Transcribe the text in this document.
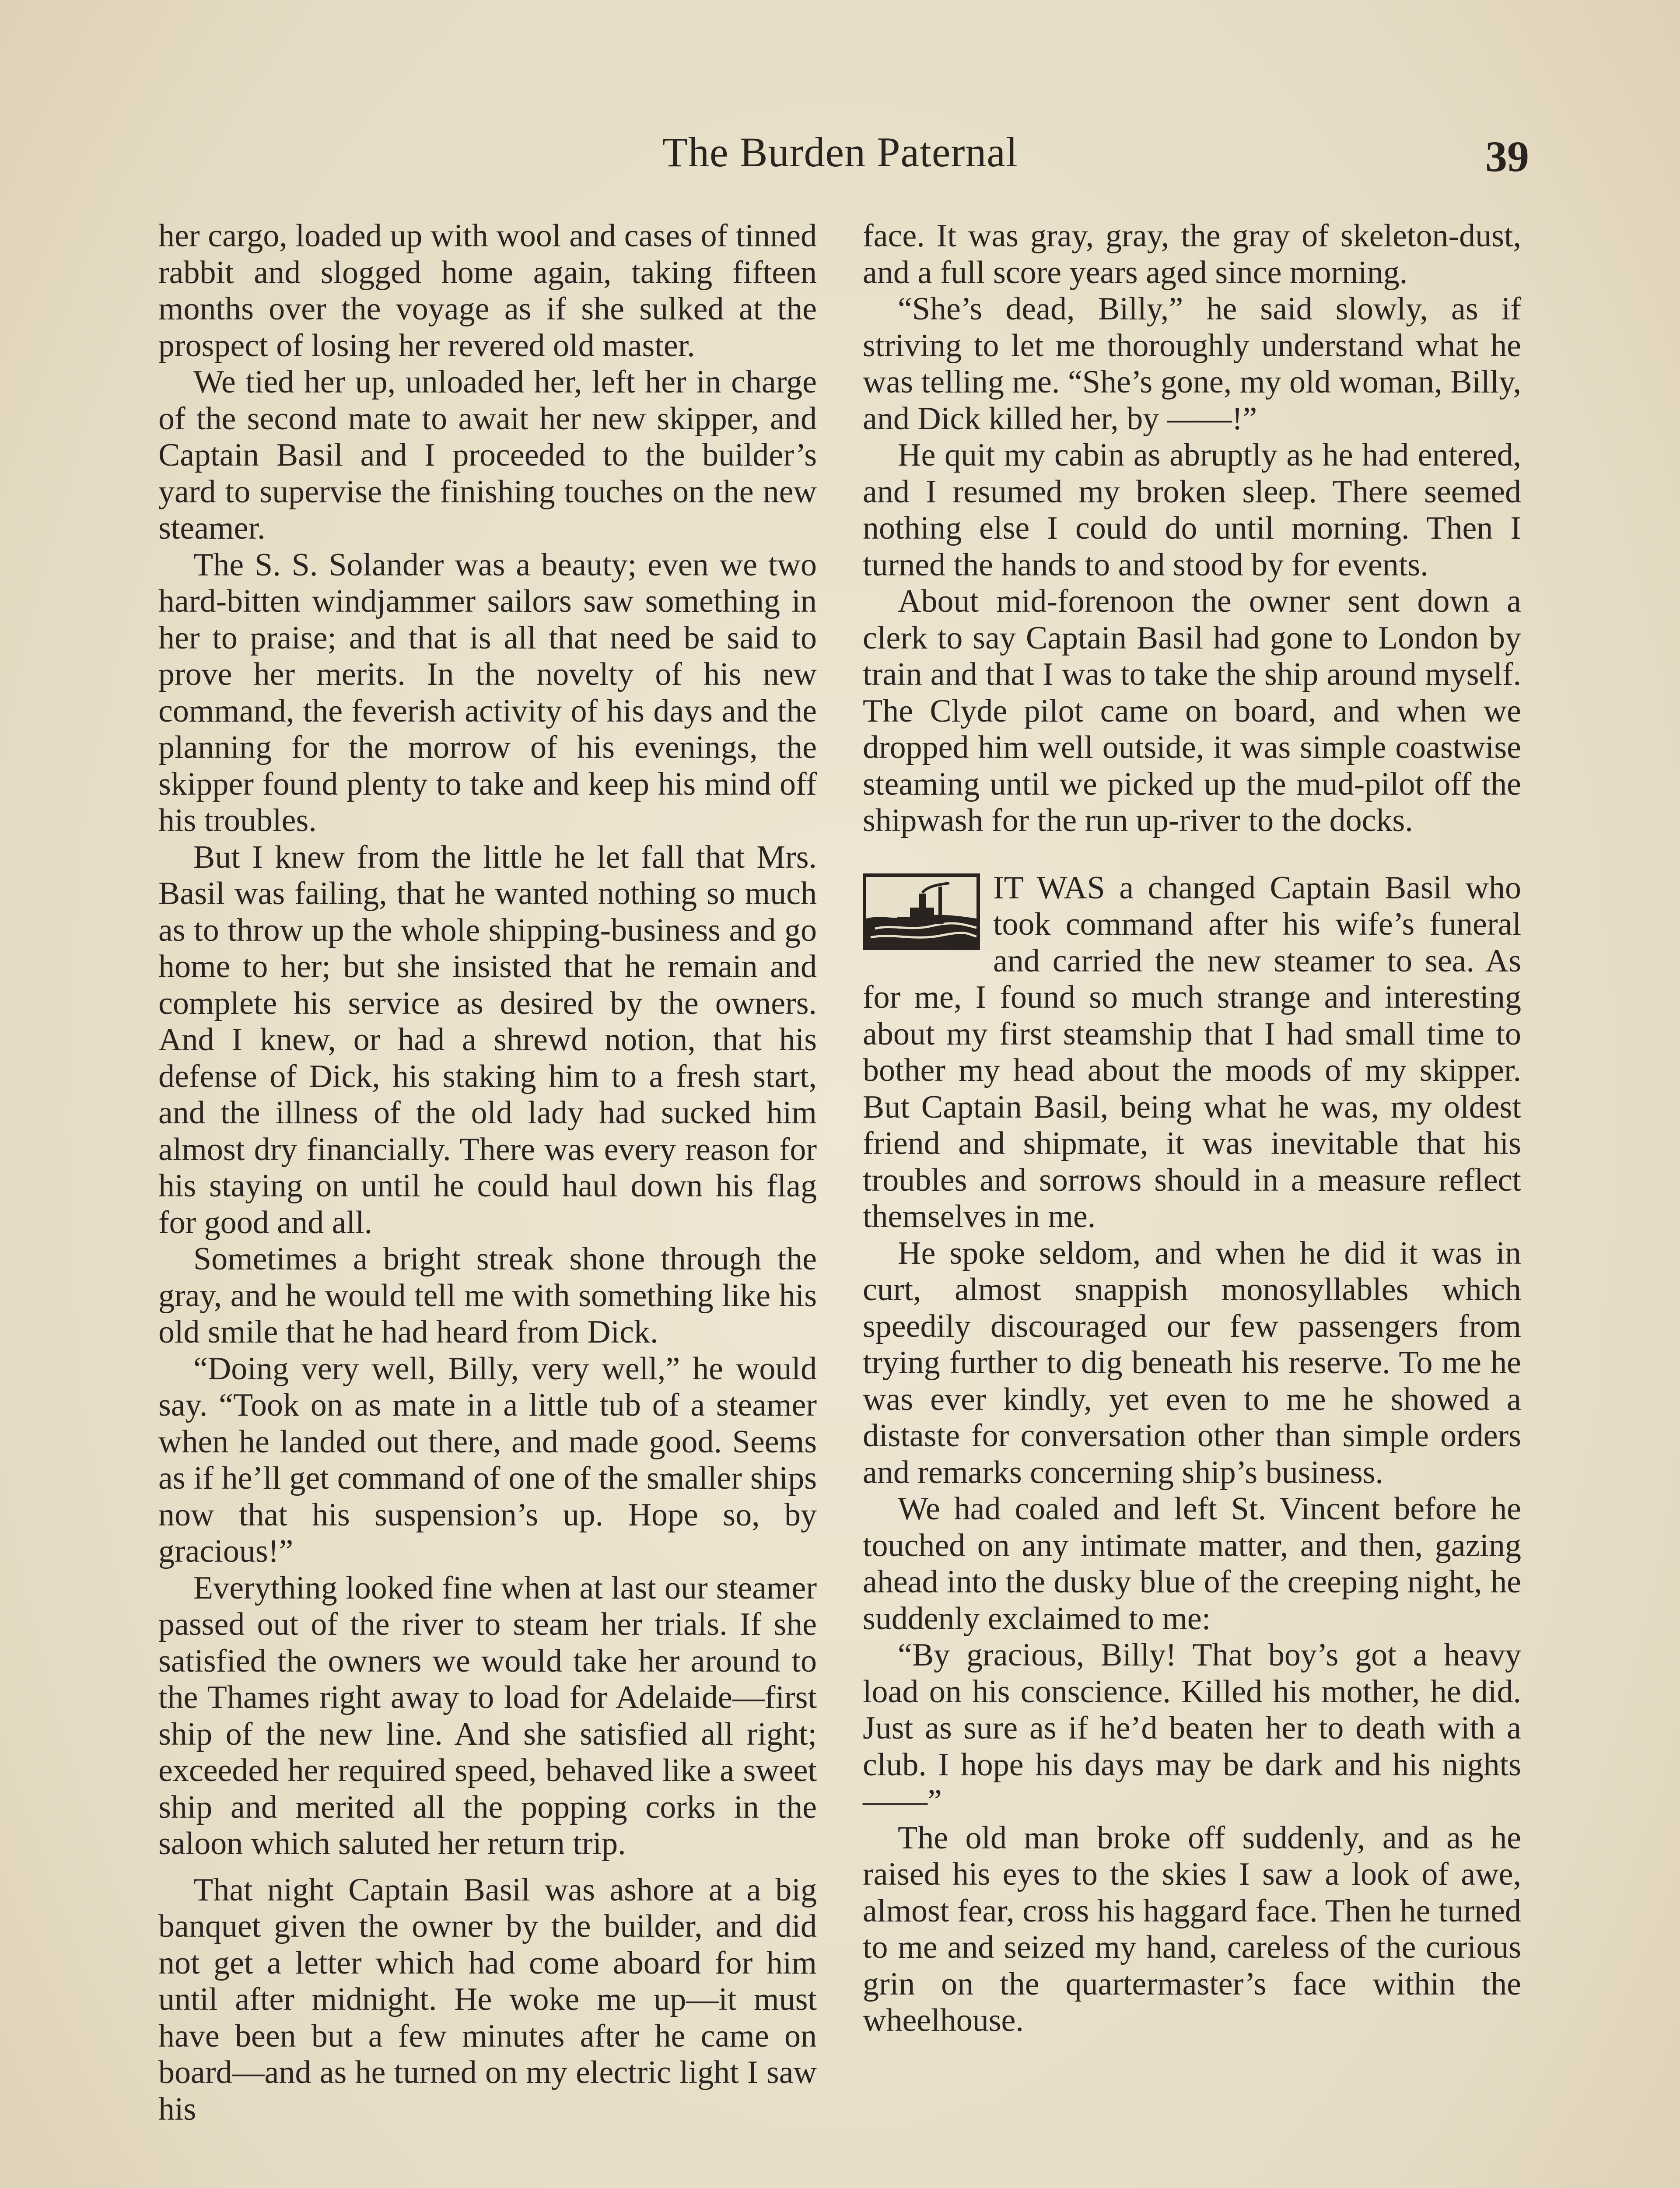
The Burden Paternal	39

her cargo, loaded up with wool and cases of tinned rabbit and slogged home again, taking fifteen months over the voyage as if she sulked at the prospect of losing her revered old master.

We tied her up, unloaded her, left her in charge of the second mate to await her new skipper, and Captain Basil and I proceeded to the builder’s yard to supervise the finishing touches on the new steamer.

The S. S. Solander was a beauty; even we two hard-bitten windjammer sailors saw something in her to praise; and that is all that need be said to prove her merits. In the novelty of his new command, the feverish activity of his days and the planning for the morrow of his evenings, the skipper found plenty to take and keep his mind off his troubles.

But I knew from the little he let fall that Mrs. Basil was failing, that he wanted nothing so much as to throw up the whole shipping-business and go home to her; but she insisted that he remain and complete his service as desired by the owners. And I knew, or had a shrewd notion, that his defense of Dick, his staking him to a fresh start, and the illness of the old lady had sucked him almost dry financially. There was every reason for his staying on until he could haul down his flag for good and all.

Sometimes a bright streak shone through the gray, and he would tell me with something like his old smile that he had heard from Dick.

“Doing very well, Billy, very well,” he would say. “Took on as mate in a little tub of a steamer when he landed out there, and made good. Seems as if he’ll get command of one of the smaller ships now that his suspension’s up. Hope so, by gracious!”

Everything looked fine when at last our steamer passed out of the river to steam her trials. If she satisfied the owners we would take her around to the Thames right away to load for Adelaide—first ship of the new line. And she satisfied all right; exceeded her required speed, behaved like a sweet ship and merited all the popping corks in the saloon which saluted her return trip.

That night Captain Basil was ashore at a big banquet given the owner by the builder, and did not get a letter which had come aboard for him until after midnight. He woke me up—it must have been but a few minutes after he came on board—and as he turned on my electric light I saw his

face. It was gray, gray, the gray of skeleton-dust, and a full score years aged since morning.

“She’s dead, Billy,” he said slowly, as if striving to let me thoroughly understand what he was telling me. “She’s gone, my old woman, Billy, and Dick killed her, by ——!”

He quit my cabin as abruptly as he had entered, and I resumed my broken sleep. There seemed nothing else I could do until morning. Then I turned the hands to and stood by for events.

About mid-forenoon the owner sent down a clerk to say Captain Basil had gone to London by train and that I was to take the ship around myself. The Clyde pilot came on board, and when we dropped him well outside, it was simple coastwise steaming until we picked up the mud-pilot off the shipwash for the run up-river to the docks.

IT WAS a changed Captain Basil who took command after his wife’s funeral and carried the new steamer to sea. As for me, I found so much strange and interesting about my first steamship that I had small time to bother my head about the moods of my skipper. But Captain Basil, being what he was, my oldest friend and shipmate, it was inevitable that his troubles and sorrows should in a measure reflect themselves in me.

He spoke seldom, and when he did it was in curt, almost snappish monosyllables which speedily discouraged our few passengers from trying further to dig beneath his reserve. To me he was ever kindly, yet even to me he showed a distaste for conversation other than simple orders and remarks concerning ship’s business.

We had coaled and left St. Vincent before he touched on any intimate matter, and then, gazing ahead into the dusky blue of the creeping night, he suddenly exclaimed to me:

“By gracious, Billy! That boy’s got a heavy load on his conscience. Killed his mother, he did. Just as sure as if he’d beaten her to death with a club. I hope his days may be dark and his nights——”

The old man broke off suddenly, and as he raised his eyes to the skies I saw a look of awe, almost fear, cross his haggard face. Then he turned to me and seized my hand, careless of the curious grin on the quartermaster’s face within the wheelhouse.
